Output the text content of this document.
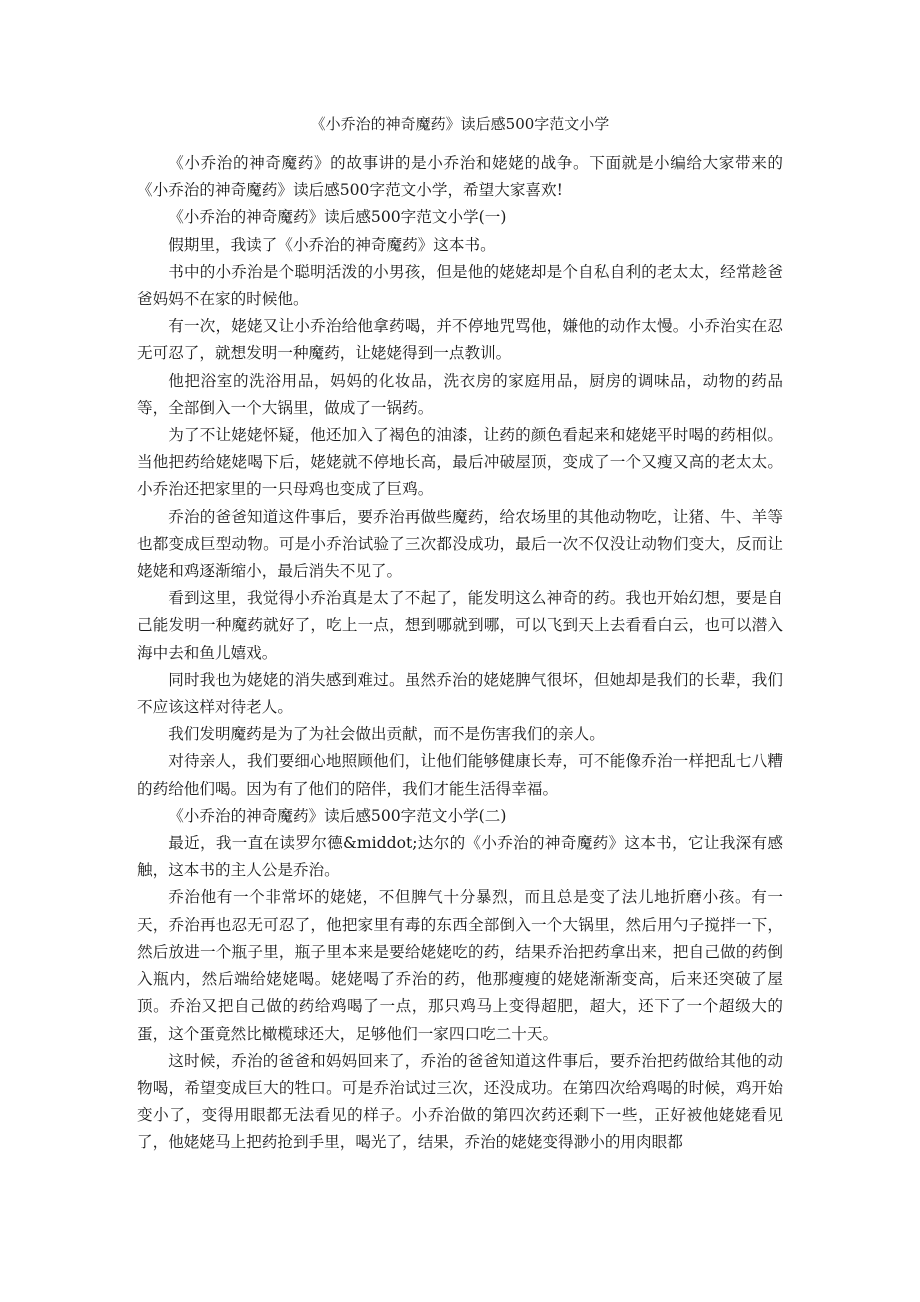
《小乔治的神奇魔药》读后感500字范文小学

《小乔治的神奇魔药》的故事讲的是小乔治和姥姥的战争。下面就是小编给大家带来的《小乔治的神奇魔药》读后感500字范文小学，希望大家喜欢!

《小乔治的神奇魔药》读后感500字范文小学(一)

假期里，我读了《小乔治的神奇魔药》这本书。

书中的小乔治是个聪明活泼的小男孩，但是他的姥姥却是个自私自利的老太太，经常趁爸爸妈妈不在家的时候他。

有一次，姥姥又让小乔治给他拿药喝，并不停地咒骂他，嫌他的动作太慢。小乔治实在忍无可忍了，就想发明一种魔药，让姥姥得到一点教训。

他把浴室的洗浴用品，妈妈的化妆品，洗衣房的家庭用品，厨房的调味品，动物的药品等，全部倒入一个大锅里，做成了一锅药。

为了不让姥姥怀疑，他还加入了褐色的油漆，让药的颜色看起来和姥姥平时喝的药相似。当他把药给姥姥喝下后，姥姥就不停地长高，最后冲破屋顶，变成了一个又瘦又高的老太太。小乔治还把家里的一只母鸡也变成了巨鸡。

乔治的爸爸知道这件事后，要乔治再做些魔药，给农场里的其他动物吃，让猪、牛、羊等也都变成巨型动物。可是小乔治试验了三次都没成功，最后一次不仅没让动物们变大，反而让姥姥和鸡逐渐缩小，最后消失不见了。

看到这里，我觉得小乔治真是太了不起了，能发明这么神奇的药。我也开始幻想，要是自己能发明一种魔药就好了，吃上一点，想到哪就到哪，可以飞到天上去看看白云，也可以潜入海中去和鱼儿嬉戏。

同时我也为姥姥的消失感到难过。虽然乔治的姥姥脾气很坏，但她却是我们的长辈，我们不应该这样对待老人。

我们发明魔药是为了为社会做出贡献，而不是伤害我们的亲人。

对待亲人，我们要细心地照顾他们，让他们能够健康长寿，可不能像乔治一样把乱七八糟的药给他们喝。因为有了他们的陪伴，我们才能生活得幸福。

《小乔治的神奇魔药》读后感500字范文小学(二)

最近，我一直在读罗尔德&middot;达尔的《小乔治的神奇魔药》这本书，它让我深有感触，这本书的主人公是乔治。

乔治他有一个非常坏的姥姥，不但脾气十分暴烈，而且总是变了法儿地折磨小孩。有一天，乔治再也忍无可忍了，他把家里有毒的东西全部倒入一个大锅里，然后用勺子搅拌一下，然后放进一个瓶子里，瓶子里本来是要给姥姥吃的药，结果乔治把药拿出来，把自己做的药倒入瓶内，然后端给姥姥喝。姥姥喝了乔治的药，他那瘦瘦的姥姥渐渐变高，后来还突破了屋顶。乔治又把自己做的药给鸡喝了一点，那只鸡马上变得超肥，超大，还下了一个超级大的蛋，这个蛋竟然比橄榄球还大，足够他们一家四口吃二十天。

这时候，乔治的爸爸和妈妈回来了，乔治的爸爸知道这件事后，要乔治把药做给其他的动物喝，希望变成巨大的牲口。可是乔治试过三次，还没成功。在第四次给鸡喝的时候，鸡开始变小了，变得用眼都无法看见的样子。小乔治做的第四次药还剩下一些，正好被他姥姥看见了，他姥姥马上把药抢到手里，喝光了，结果，乔治的姥姥变得渺小的用肉眼都
